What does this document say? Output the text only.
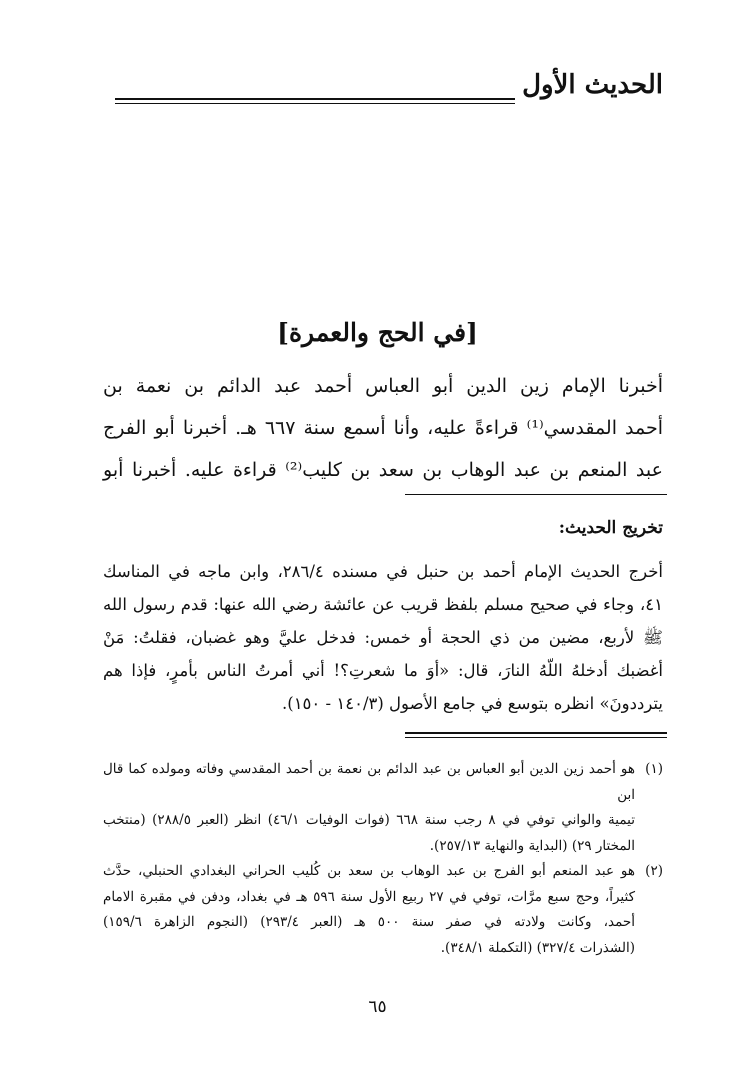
الحديث الأول
[في الحج والعمرة]

أخبرنا الإمام زين الدين أبو العباس أحمد عبد الدائم بن نعمة بن

أحمد المقدسي⁽¹⁾ قراءةً عليه، وأنا أسمع سنة ٦٦٧ هـ. أخبرنا أبو الفرج

عبد المنعم بن عبد الوهاب بن سعد بن كليب⁽²⁾ قراءة عليه. أخبرنا أبو

تخريج الحديث:

أخرج الحديث الإمام أحمد بن حنبل في مسنده ٢٨٦/٤، وابن ماجه في المناسك

٤١، وجاء في صحيح مسلم بلفظ قريب عن عائشة رضي الله عنها: قدم رسول الله

ﷺ لأربع، مضين من ذي الحجة أو خمس: فدخل عليَّ وهو غضبان، فقلتُ: مَنْ

أغضبك أدخلهُ اللّهُ النارَ، قال: «أوَ ما شعرتِ؟! أني أمرتُ الناس بأمرٍ، فإذا هم

يترددونَ» انظره بتوسع في جامع الأصول (١٤٠/٣ - ١٥٠).

(١)
هو أحمد زين الدين أبو العباس بن عبد الدائم بن نعمة بن أحمد المقدسي وفاته ومولده كما قال ابن
تيمية والواني توفي في ٨ رجب سنة ٦٦٨ (فوات الوفيات ٤٦/١) انظر (العبر ٢٨٨/٥) (منتخب
المختار ٢٩) (البداية والنهاية ٢٥٧/١٣).
(٢)
هو عبد المنعم أبو الفرج بن عبد الوهاب بن سعد بن كُليب الحراني البغدادي الحنبلي، حدَّث
كثيراً، وحج سبع مرَّات، توفي في ٢٧ ربيع الأول سنة ٥٩٦ هـ في بغداد، ودفن في مقبرة الامام
أحمد، وكانت ولادته في صفر سنة ٥٠٠ هـ (العبر ٢٩٣/٤) (النجوم الزاهرة ١٥٩/٦)
(الشذرات ٣٢٧/٤) (التكملة ٣٤٨/١).
٦٥
